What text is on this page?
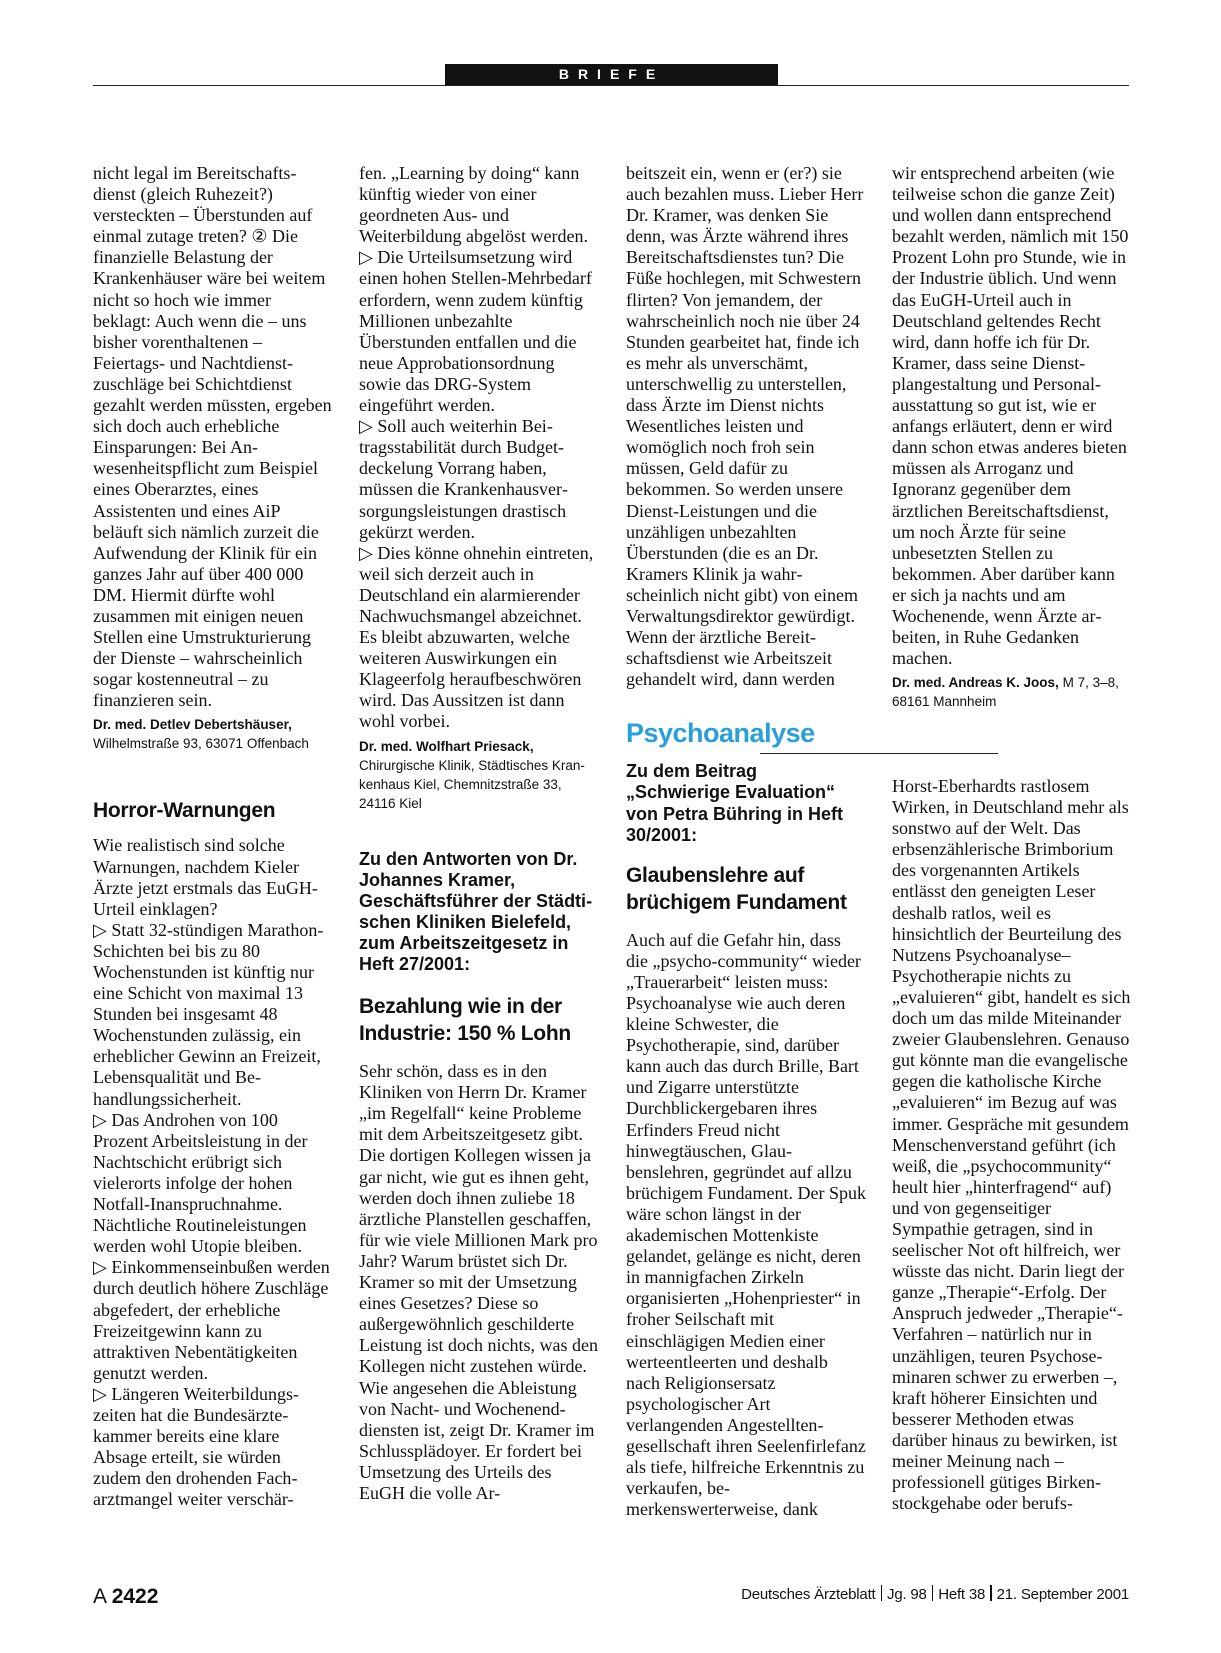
BRIEFE

nicht legal im Bereitschaftsdienst (gleich Ruhezeit?) versteckten – Überstunden auf einmal zutage treten? ② Die finanzielle Belastung der Krankenhäuser wäre bei weitem nicht so hoch wie immer beklagt: Auch wenn die – uns bisher vorenthaltenen – Feiertags- und Nachtdienstzuschläge bei Schichtdienst gezahlt werden müssten, ergeben sich doch auch erhebliche Einsparungen: Bei Anwesenheitspflicht zum Beispiel eines Oberarztes, eines Assistenten und eines AiP beläuft sich nämlich zurzeit die Aufwendung der Klinik für ein ganzes Jahr auf über 400 000 DM. Hiermit dürfte wohl zusammen mit einigen neuen Stellen eine Umstrukturierung der Dienste – wahrscheinlich sogar kostenneutral – zu finanzieren sein.

Dr. med. Detlev Debertshäuser,
Wilhelmstraße 93, 63071 Offenbach
Horror-Warnungen

Wie realistisch sind solche Warnungen, nachdem Kieler Ärzte jetzt erstmals das EuGH-Urteil einklagen?

▷ Statt 32-stündigen Marathon-Schichten bei bis zu 80 Wochenstunden ist künftig nur eine Schicht von maximal 13 Stunden bei insgesamt 48 Wochenstunden zulässig, ein erheblicher Gewinn an Freizeit, Lebensqualität und Behandlungssicherheit.

▷ Das Androhen von 100 Prozent Arbeitsleistung in der Nachtschicht erübrigt sich vielerorts infolge der hohen Notfall-Inanspruchnahme. Nächtliche Routineleistungen werden wohl Utopie bleiben.

▷ Einkommenseinbußen werden durch deutlich höhere Zuschläge abgefedert, der erhebliche Freizeitgewinn kann zu attraktiven Nebentätigkeiten genutzt werden.

▷ Längeren Weiterbildungszeiten hat die Bundesärztekammer bereits eine klare Absage erteilt, sie würden zudem den drohenden Facharztmangel weiter verschär-

fen. „Learning by doing“ kann künftig wieder von einer geordneten Aus- und Weiterbildung abgelöst werden.

▷ Die Urteilsumsetzung wird einen hohen Stellen-Mehrbedarf erfordern, wenn zudem künftig Millionen unbezahlte Überstunden entfallen und die neue Approbationsordnung sowie das DRG-System eingeführt werden.

▷ Soll auch weiterhin Beitragsstabilität durch Budgetdeckelung Vorrang haben, müssen die Krankenhausversorgungsleistungen drastisch gekürzt werden.

▷ Dies könne ohnehin eintreten, weil sich derzeit auch in Deutschland ein alarmierender Nachwuchsmangel abzeichnet.

Es bleibt abzuwarten, welche weiteren Auswirkungen ein Klageerfolg heraufbeschwören wird. Das Aussitzen ist dann wohl vorbei.

Dr. med. Wolfhart Priesack,
Chirurgische Klinik, Städtisches Krankenhaus Kiel, Chemnitzstraße 33, 24116 Kiel

Zu den Antworten von Dr. Johannes Kramer, Geschäftsführer der Städtischen Kliniken Bielefeld, zum Arbeitszeitgesetz in Heft 27/2001:

Bezahlung wie in der Industrie: 150 % Lohn

Sehr schön, dass es in den Kliniken von Herrn Dr. Kramer „im Regelfall“ keine Probleme mit dem Arbeitszeitgesetz gibt. Die dortigen Kollegen wissen ja gar nicht, wie gut es ihnen geht, werden doch ihnen zuliebe 18 ärztliche Planstellen geschaffen, für wie viele Millionen Mark pro Jahr? Warum brüstet sich Dr. Kramer so mit der Umsetzung eines Gesetzes? Diese so außergewöhnlich geschilderte Leistung ist doch nichts, was den Kollegen nicht zustehen würde. Wie angesehen die Ableistung von Nacht- und Wochenenddiensten ist, zeigt Dr. Kramer im Schlussplädoyer. Er fordert bei Umsetzung des Urteils des EuGH die volle Ar-

beitszeit ein, wenn er (er?) sie auch bezahlen muss. Lieber Herr Dr. Kramer, was denken Sie denn, was Ärzte während ihres Bereitschaftsdienstes tun? Die Füße hochlegen, mit Schwestern flirten? Von jemandem, der wahrscheinlich noch nie über 24 Stunden gearbeitet hat, finde ich es mehr als unverschämt, unterschwellig zu unterstellen, dass Ärzte im Dienst nichts Wesentliches leisten und womöglich noch froh sein müssen, Geld dafür zu bekommen. So werden unsere Dienst-Leistungen und die unzähligen unbezahlten Überstunden (die es an Dr. Kramers Klinik ja wahrscheinlich nicht gibt) von einem Verwaltungsdirektor gewürdigt.

Wenn der ärztliche Bereitschaftsdienst wie Arbeitszeit gehandelt wird, dann werden

Psychoanalyse

Zu dem Beitrag „Schwierige Evaluation“ von Petra Bühring in Heft 30/2001:

Glaubenslehre auf brüchigem Fundament

Auch auf die Gefahr hin, dass die „psycho-community“ wieder „Trauerarbeit“ leisten muss: Psychoanalyse wie auch deren kleine Schwester, die Psychotherapie, sind, darüber kann auch das durch Brille, Bart und Zigarre unterstützte Durchblickergebaren ihres Erfinders Freud nicht hinwegtäuschen, Glaubenslehren, gegründet auf allzu brüchigem Fundament. Der Spuk wäre schon längst in der akademischen Mottenkiste gelandet, gelänge es nicht, deren in mannigfachen Zirkeln organisierten „Hohenpriester“ in froher Seilschaft mit einschlägigen Medien einer werteentleerten und deshalb nach Religionsersatz psychologischer Art verlangenden Angestelltengesellschaft ihren Seelenfirlefanz als tiefe, hilfreiche Erkenntnis zu verkaufen, bemerkenswerterweise, dank

wir entsprechend arbeiten (wie teilweise schon die ganze Zeit) und wollen dann entsprechend bezahlt werden, nämlich mit 150 Prozent Lohn pro Stunde, wie in der Industrie üblich. Und wenn das EuGH-Urteil auch in Deutschland geltendes Recht wird, dann hoffe ich für Dr. Kramer, dass seine Dienstplangestaltung und Personalausstattung so gut ist, wie er anfangs erläutert, denn er wird dann schon etwas anderes bieten müssen als Arroganz und Ignoranz gegenüber dem ärztlichen Bereitschaftsdienst, um noch Ärzte für seine unbesetzten Stellen zu bekommen. Aber darüber kann er sich ja nachts und am Wochenende, wenn Ärzte arbeiten, in Ruhe Gedanken machen.

Dr. med. Andreas K. Joos, M 7, 3–8, 68161 Mannheim

Horst-Eberhardts rastlosem Wirken, in Deutschland mehr als sonstwo auf der Welt. Das erbsenzählerische Brimborium des vorgenannten Artikels entlässt den geneigten Leser deshalb ratlos, weil es hinsichtlich der Beurteilung des Nutzens Psychoanalyse–Psychotherapie nichts zu „evaluieren“ gibt, handelt es sich doch um das milde Miteinander zweier Glaubenslehren. Genauso gut könnte man die evangelische gegen die katholische Kirche „evaluieren“ im Bezug auf was immer. Gespräche mit gesundem Menschenverstand geführt (ich weiß, die „psychocommunity“ heult hier „hinterfragend“ auf) und von gegenseitiger Sympathie getragen, sind in seelischer Not oft hilfreich, wer wüsste das nicht. Darin liegt der ganze „Therapie“-Erfolg. Der Anspruch jedweder „Therapie“-Verfahren – natürlich nur in unzähligen, teuren Psychoseminaren schwer zu erwerben –, kraft höherer Einsichten und besserer Methoden etwas darüber hinaus zu bewirken, ist meiner Meinung nach – professionell gütiges Birkenstockgehabe oder berufs-

A 2422	Deutsches Ärzteblatt Jg. 98 Heft 38 21. September 2001
